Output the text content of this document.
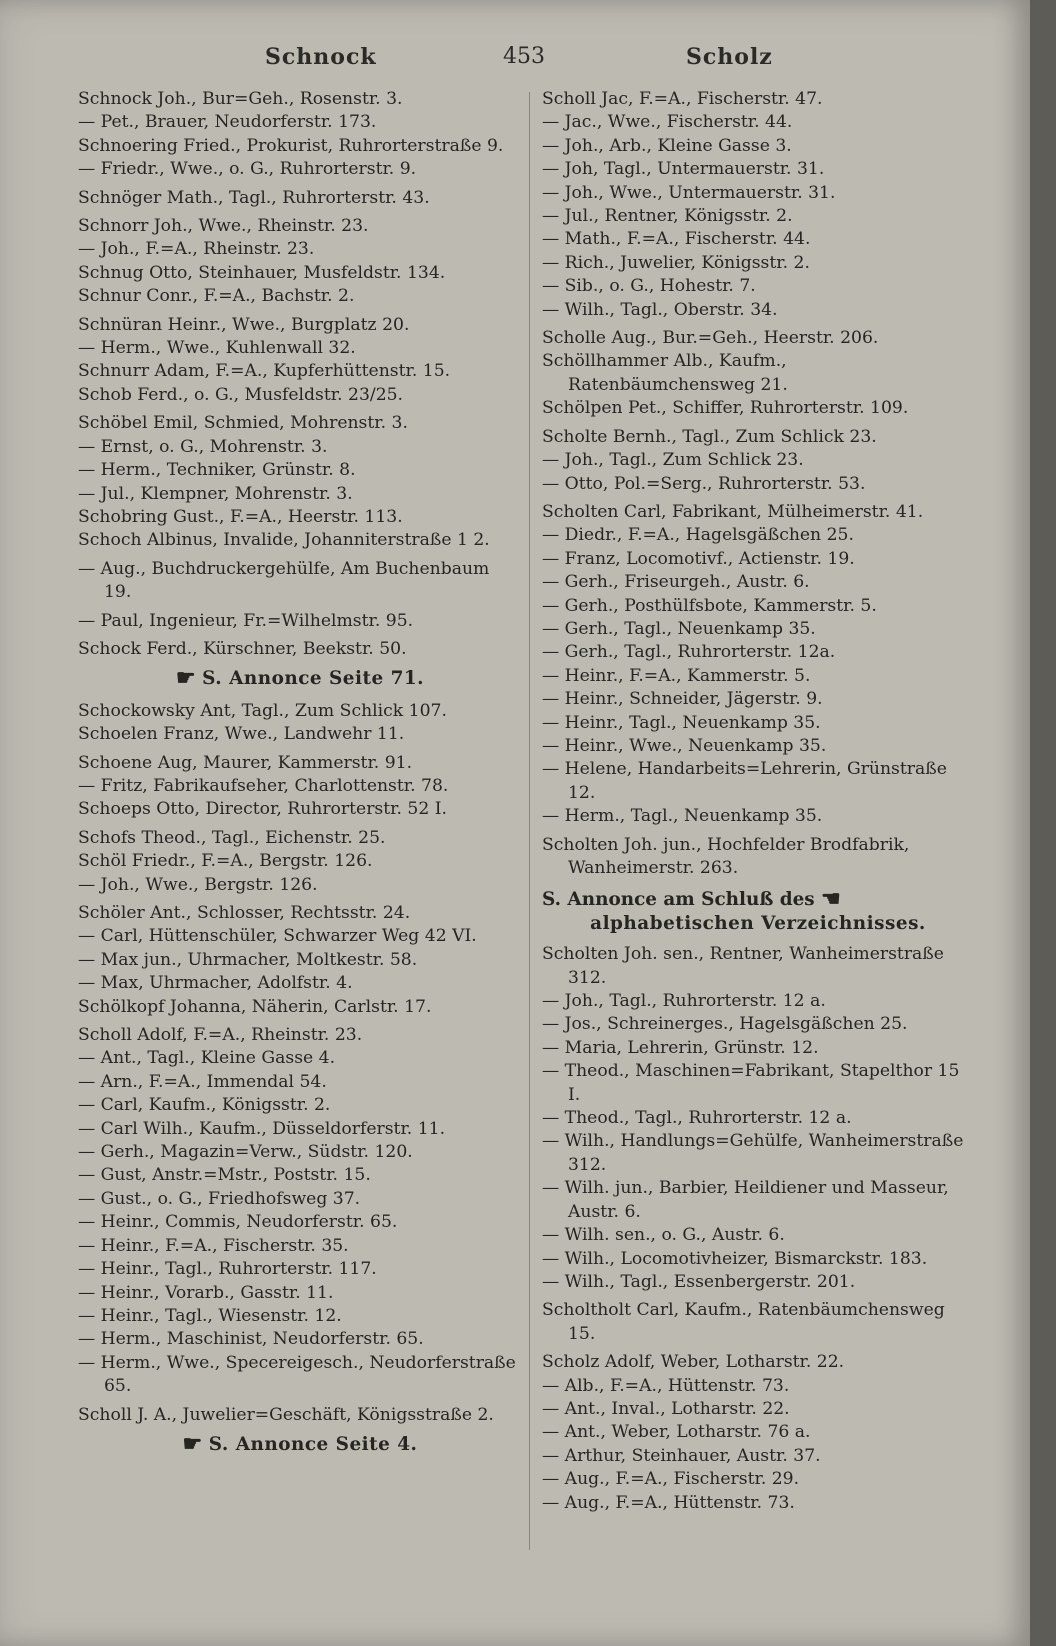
Schnock	453	Scholz

Schnock Joh., Bur=Geh., Rosenstr. 3.

— Pet., Brauer, Neudorferstr. 173.

Schnoering Fried., Prokurist, Ruhrorterstraße 9.

— Friedr., Wwe., o. G., Ruhrorterstr. 9.

Schnöger Math., Tagl., Ruhrorterstr. 43.

Schnorr Joh., Wwe., Rheinstr. 23.

— Joh., F.=A., Rheinstr. 23.

Schnug Otto, Steinhauer, Musfeldstr. 134.

Schnur Conr., F.=A., Bachstr. 2.

Schnüran Heinr., Wwe., Burgplatz 20.

— Herm., Wwe., Kuhlenwall 32.

Schnurr Adam, F.=A., Kupferhüttenstr. 15.

Schob Ferd., o. G., Musfeldstr. 23/25.

Schöbel Emil, Schmied, Mohrenstr. 3.

— Ernst, o. G., Mohrenstr. 3.

— Herm., Techniker, Grünstr. 8.

— Jul., Klempner, Mohrenstr. 3.

Schobring Gust., F.=A., Heerstr. 113.

Schoch Albinus, Invalide, Johanniterstraße 1 2.

— Aug., Buchdruckergehülfe, Am Buchenbaum 19.

— Paul, Ingenieur, Fr.=Wilhelmstr. 95.

Schock Ferd., Kürschner, Beekstr. 50.

☛ S. Annonce Seite 71.

Schockowsky Ant, Tagl., Zum Schlick 107.

Schoelen Franz, Wwe., Landwehr 11.

Schoene Aug, Maurer, Kammerstr. 91.

— Fritz, Fabrikaufseher, Charlottenstr. 78.

Schoeps Otto, Director, Ruhrorterstr. 52 I.

Schofs Theod., Tagl., Eichenstr. 25.

Schöl Friedr., F.=A., Bergstr. 126.

— Joh., Wwe., Bergstr. 126.

Schöler Ant., Schlosser, Rechtsstr. 24.

— Carl, Hüttenschüler, Schwarzer Weg 42 VI.

— Max jun., Uhrmacher, Moltkestr. 58.

— Max, Uhrmacher, Adolfstr. 4.

Schölkopf Johanna, Näherin, Carlstr. 17.

Scholl Adolf, F.=A., Rheinstr. 23.

— Ant., Tagl., Kleine Gasse 4.

— Arn., F.=A., Immendal 54.

— Carl, Kaufm., Königsstr. 2.

— Carl Wilh., Kaufm., Düsseldorferstr. 11.

— Gerh., Magazin=Verw., Südstr. 120.

— Gust, Anstr.=Mstr., Poststr. 15.

— Gust., o. G., Friedhofsweg 37.

— Heinr., Commis, Neudorferstr. 65.

— Heinr., F.=A., Fischerstr. 35.

— Heinr., Tagl., Ruhrorterstr. 117.

— Heinr., Vorarb., Gasstr. 11.

— Heinr., Tagl., Wiesenstr. 12.

— Herm., Maschinist, Neudorferstr. 65.

— Herm., Wwe., Specereigesch., Neudorferstraße 65.

Scholl J. A., Juwelier=Geschäft, Königsstraße 2.

☛ S. Annonce Seite 4.

Scholl Jac, F.=A., Fischerstr. 47.

— Jac., Wwe., Fischerstr. 44.

— Joh., Arb., Kleine Gasse 3.

— Joh, Tagl., Untermauerstr. 31.

— Joh., Wwe., Untermauerstr. 31.

— Jul., Rentner, Königsstr. 2.

— Math., F.=A., Fischerstr. 44.

— Rich., Juwelier, Königsstr. 2.

— Sib., o. G., Hohestr. 7.

— Wilh., Tagl., Oberstr. 34.

Scholle Aug., Bur.=Geh., Heerstr. 206.

Schöllhammer Alb., Kaufm., Ratenbäumchensweg 21.

Schölpen Pet., Schiffer, Ruhrorterstr. 109.

Scholte Bernh., Tagl., Zum Schlick 23.

— Joh., Tagl., Zum Schlick 23.

— Otto, Pol.=Serg., Ruhrorterstr. 53.

Scholten Carl, Fabrikant, Mülheimerstr. 41.

— Diedr., F.=A., Hagelsgäßchen 25.

— Franz, Locomotivf., Actienstr. 19.

— Gerh., Friseurgeh., Austr. 6.

— Gerh., Posthülfsbote, Kammerstr. 5.

— Gerh., Tagl., Neuenkamp 35.

— Gerh., Tagl., Ruhrorterstr. 12a.

— Heinr., F.=A., Kammerstr. 5.

— Heinr., Schneider, Jägerstr. 9.

— Heinr., Tagl., Neuenkamp 35.

— Heinr., Wwe., Neuenkamp 35.

— Helene, Handarbeits=Lehrerin, Grünstraße 12.

— Herm., Tagl., Neuenkamp 35.

Scholten Joh. jun., Hochfelder Brodfabrik, Wanheimerstr. 263.

S. Annonce am Schluß des ☛

alphabetischen Verzeichnisses.

Scholten Joh. sen., Rentner, Wanheimerstraße 312.

— Joh., Tagl., Ruhrorterstr. 12 a.

— Jos., Schreinerges., Hagelsgäßchen 25.

— Maria, Lehrerin, Grünstr. 12.

— Theod., Maschinen=Fabrikant, Stapelthor 15 I.

— Theod., Tagl., Ruhrorterstr. 12 a.

— Wilh., Handlungs=Gehülfe, Wanheimerstraße 312.

— Wilh. jun., Barbier, Heildiener und Masseur, Austr. 6.

— Wilh. sen., o. G., Austr. 6.

— Wilh., Locomotivheizer, Bismarckstr. 183.

— Wilh., Tagl., Essenbergerstr. 201.

Scholtholt Carl, Kaufm., Ratenbäumchensweg 15.

Scholz Adolf, Weber, Lotharstr. 22.

— Alb., F.=A., Hüttenstr. 73.

— Ant., Inval., Lotharstr. 22.

— Ant., Weber, Lotharstr. 76 a.

— Arthur, Steinhauer, Austr. 37.

— Aug., F.=A., Fischerstr. 29.

— Aug., F.=A., Hüttenstr. 73.
